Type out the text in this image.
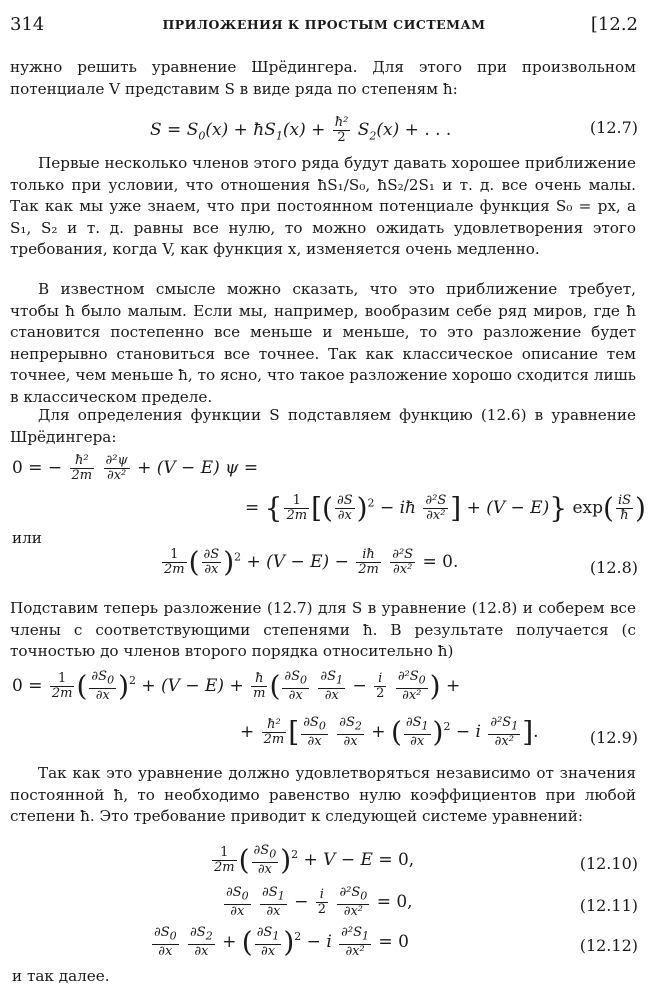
314	ПРИЛОЖЕНИЯ К ПРОСТЫМ СИСТЕМАМ	[12.2
нужно решить уравнение Шрёдингера. Для этого при произвольном потенциале V представим S в виде ряда по степеням ħ:
$S = S_0(x)$ + $ħS_1(x) + \frac{\text{ħ²}}{2} S_2(x)$ + . . .	(12.7)
Первые несколько членов этого ряда будут давать хорошее приближение только при условии, что отношения ħS₁/S₀, ħS₂/2S₁ и т. д. все очень малы. Так как мы уже знаем, что при постоянном потенциале функция S₀ = px, а S₁, S₂ и т. д. равны все нулю, то можно ожидать удовлетворения этого требования, когда V, как функция x, изменяется очень медленно.
В известном смысле можно сказать, что это приближение требует, чтобы ħ было малым. Если мы, например, вообразим себе ряд миров, где ħ становится постепенно все меньше и меньше, то это разложение будет непрерывно становиться все точнее. Так как классическое описание тем точнее, чем меньше ħ, то ясно, что такое разложение хорошо сходится лишь в классическом пределе.
Для определения функции S подставляем функцию (12.6) в уравнение Шрёдингера:
0 = − $\frac{\text{ħ²}}{2m}$
$\frac{\text{∂²ψ}}{\text{∂x²}} + (V - E) \psi$ =
= { $\frac{1}{2m}$ [( $\frac{\partial S}{\partial x} )^2$ − iħ $\frac{\text{∂²S}}{\text{∂x²}}$ ] + (V − E)} $\exp( \frac{iS}{ħ}$ )
или
$\frac{1}{2m}$ ( $\frac{\partial S}{\partial x} )^2 + (V - E) - \frac{iħ}{2m}$
$\frac{\text{∂²S}}{\text{∂x²}} = 0$.	(12.8)
Подставим теперь разложение (12.7) для S в уравнение (12.8) и соберем все члены с соответствующими степенями ħ. В результате получается (с точностью до членов второго порядка относительно ħ)
$0 = \frac{1}{2m}$ ( $\frac{\partial S_0}{\partial x} )^2 + (V - E) + \frac{ħ}{m}$ ( $\frac{\partial S_0}{\partial x}$
$\frac{\partial S_1}{\partial x} - \frac{i}{2}$
$\frac{\partial^2S_0}{\text{∂x²}}$ ) +
+ $\frac{\text{ħ²}}{2m}$ [ $\frac{\partial S_0}{\partial x}$
$\frac{\partial S_2}{\partial x}$ + ( $\frac{\partial S_1}{\partial x} )^2 - i \frac{\partial^2S_1}{\text{∂x²}}$ ].	(12.9)
Так как это уравнение должно удовлетворяться независимо от значения постоянной ħ, то необходимо равенство нулю коэффициентов при любой степени ħ. Это требование приводит к следующей системе уравнений:
$\frac{1}{2m}$ ( $\frac{\partial S_0}{\partial x} )^2 + V - E = 0$,	(12.10)
$\frac{\partial S_0}{\partial x}$
$\frac{\partial S_1}{\partial x} - \frac{i}{2}$
$\frac{\partial^2S_0}{\text{∂x²}} = 0$,	(12.11)
$\frac{\partial S_0}{\partial x}$
$\frac{\partial S_2}{\partial x}$ + ( $\frac{\partial S_1}{\partial x} )^2 - i \frac{\partial^2S_1}{\text{∂x²}} = 0$	(12.12)
и так далее.
